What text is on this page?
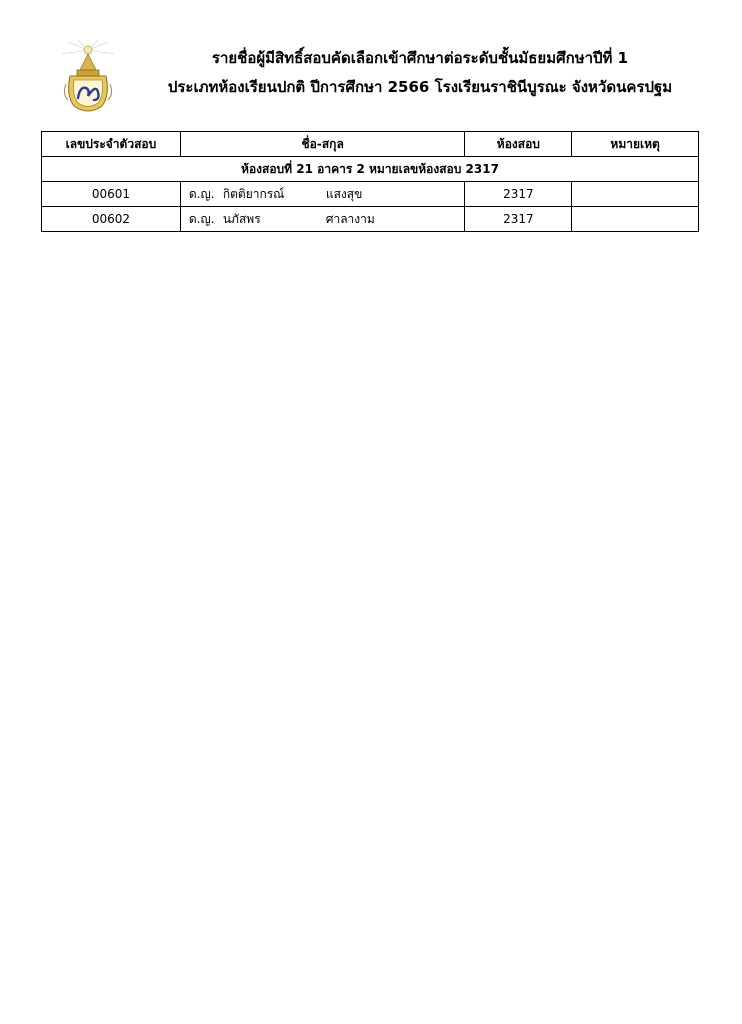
รายชื่อผู้มีสิทธิ์สอบคัดเลือกเข้าศึกษาต่อระดับชั้นมัธยมศึกษาปีที่ 1
ประเภทห้องเรียนปกติ ปีการศึกษา 2566 โรงเรียนราชินีบูรณะ จังหวัดนครปฐม
เลขประจำตัวสอบ	ชื่อ-สกุล	ห้องสอบ	หมายเหตุ
ห้องสอบที่ 21 อาคาร 2 หมายเลขห้องสอบ 2317			
00601	ด.ญ. กิตติยากรณ์ แสงสุข	2317	
00602	ด.ญ. นภัสพร ศาลางาม	2317	
